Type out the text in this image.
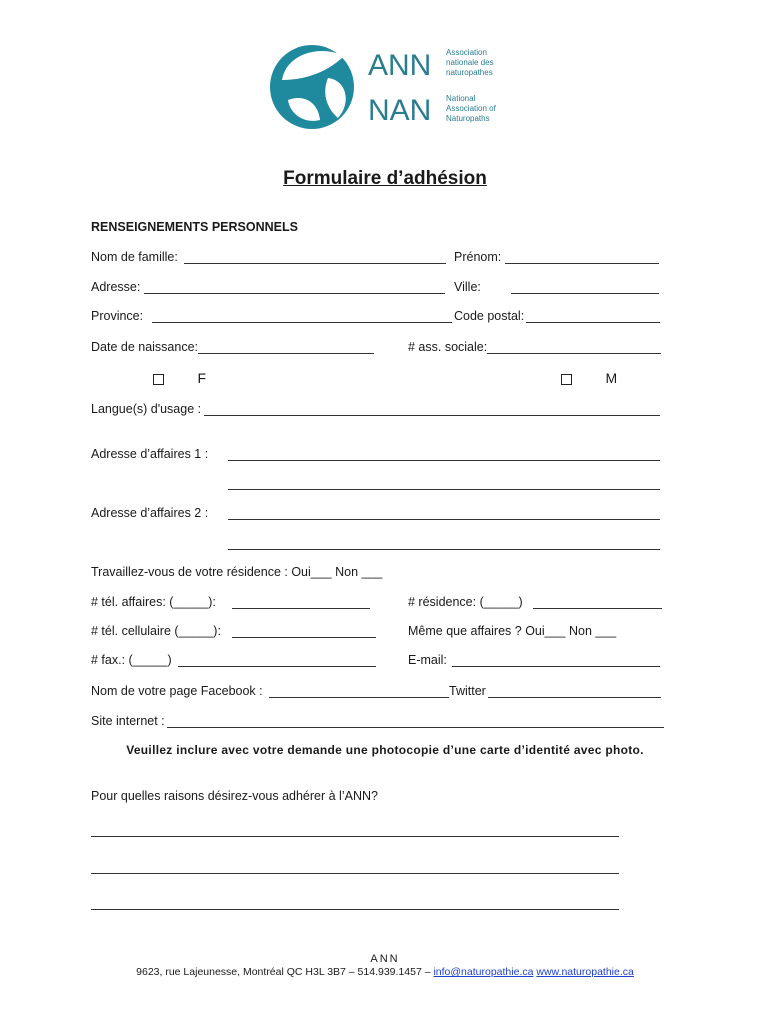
ANN
NAN
Association
nationale des
naturopathes
National
Association of
Naturopaths
Formulaire d’adhésion
RENSEIGNEMENTS PERSONNELS
Nom de famille:	Prénom:
Adresse:	Ville:
Province:	Code postal:
Date de naissance:	# ass. sociale:
F	M
Langue(s) d'usage :
Adresse d’affaires 1 :
Adresse d’affaires 2 :
Travaillez-vous de votre résidence : Oui___ Non ___
# tél. affaires: (_____):	# résidence: (_____)
# tél. cellulaire (_____):	Même que affaires ? Oui___ Non ___
# fax.: (_____)	E-mail:
Nom de votre page Facebook :	Twitter
Site internet :
Veuillez inclure avec votre demande une photocopie d’une carte d’identité avec photo.
Pour quelles raisons désirez-vous adhérer à l’ANN?
ANN
9623, rue Lajeunesse, Montréal QC H3L 3B7 – 514.939.1457 – info@naturopathie.ca www.naturopathie.ca
